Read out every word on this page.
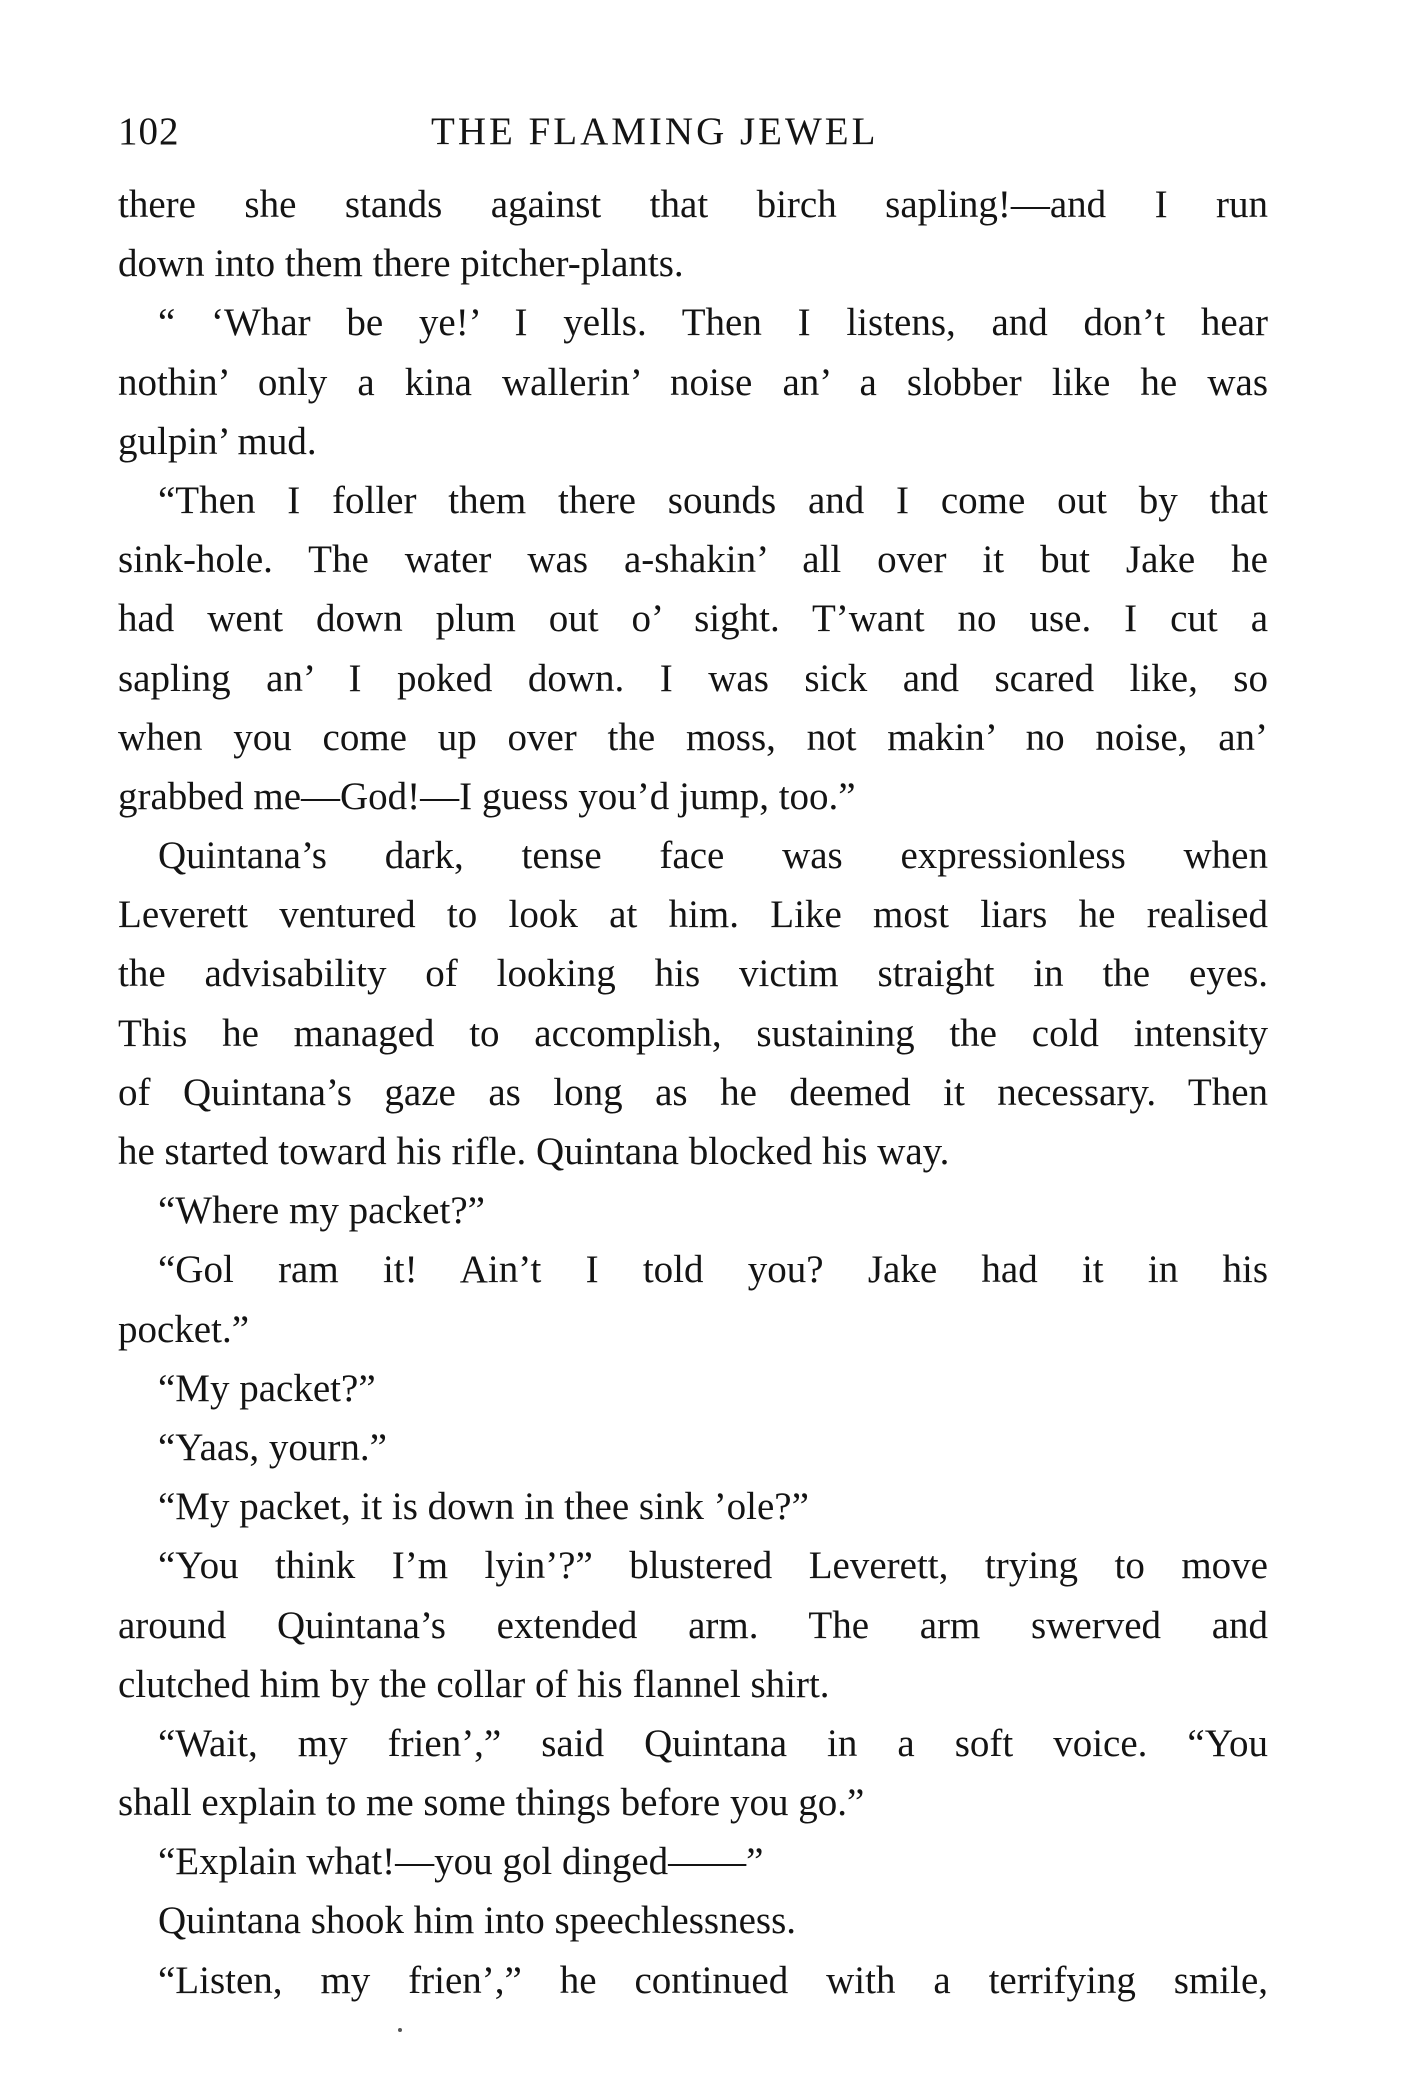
102	THE FLAMING JEWEL
there she stands against that birch sapling!—and I run
down into them there pitcher-plants.
“ ‘Whar be ye!’ I yells. Then I listens, and don’t hear
nothin’ only a kina wallerin’ noise an’ a slobber like he was
gulpin’ mud.
“Then I foller them there sounds and I come out by that
sink-hole. The water was a-shakin’ all over it but Jake he
had went down plum out o’ sight. T’want no use. I cut a
sapling an’ I poked down. I was sick and scared like, so
when you come up over the moss, not makin’ no noise, an’
grabbed me—God!—I guess you’d jump, too.”
Quintana’s dark, tense face was expressionless when
Leverett ventured to look at him. Like most liars he realised
the advisability of looking his victim straight in the eyes.
This he managed to accomplish, sustaining the cold intensity
of Quintana’s gaze as long as he deemed it necessary. Then
he started toward his rifle. Quintana blocked his way.
“Where my packet?”
“Gol ram it! Ain’t I told you? Jake had it in his
pocket.”
“My packet?”
“Yaas, yourn.”
“My packet, it is down in thee sink ’ole?”
“You think I’m lyin’?” blustered Leverett, trying to move
around Quintana’s extended arm. The arm swerved and
clutched him by the collar of his flannel shirt.
“Wait, my frien’,” said Quintana in a soft voice. “You
shall explain to me some things before you go.”
“Explain what!—you gol dinged——”
Quintana shook him into speechlessness.
“Listen, my frien’,” he continued with a terrifying smile,
